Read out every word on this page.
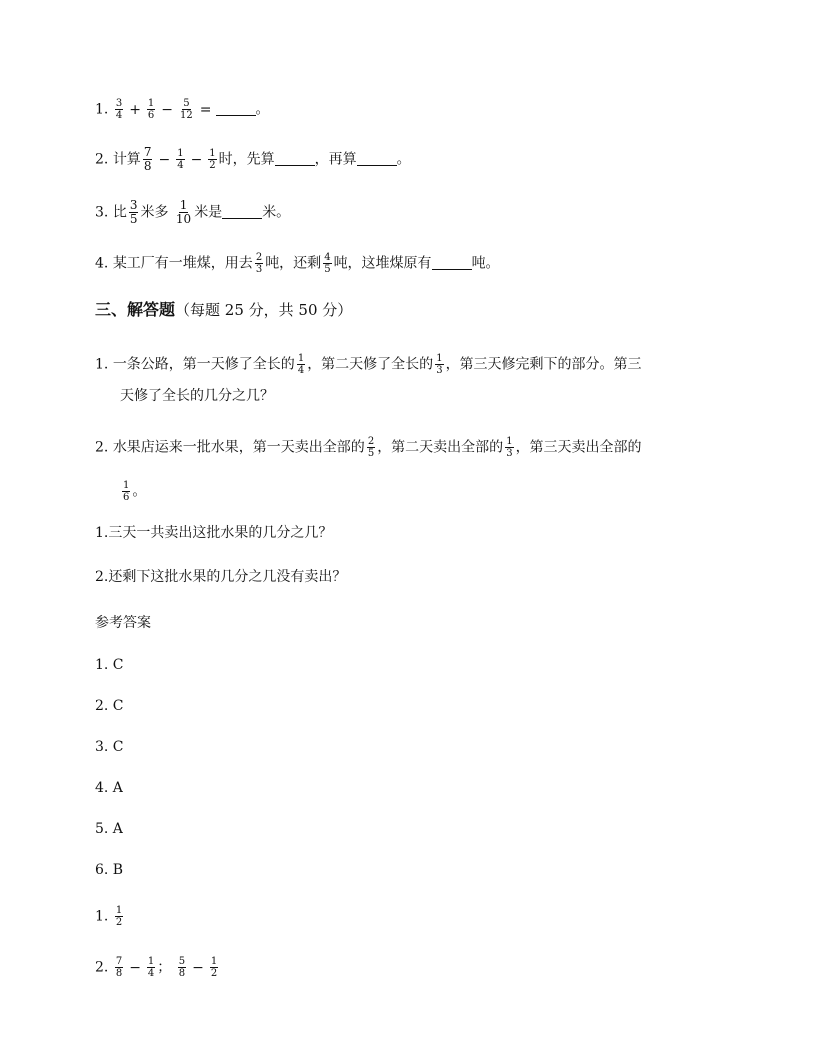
1. $\frac{3}{4} + \frac{1}{6} - \frac{5}{12}$ =	。
2. 计算 $\frac{7}{8} - \frac{1}{4} - \frac{1}{2}$ 时，先算	，再算	。
3. 比 $\frac{3}{5}$ 米多 $\frac{1}{10}$ 米是	米。
4. 某工厂有一堆煤，用去 $\frac{2}{3}$ 吨，还剩 $\frac{4}{5}$ 吨，这堆煤原有	吨。
三、解答题（每题 25 分，共 50 分）
1. 一条公路，第一天修了全长的 $\frac{1}{4}$ ，第二天修了全长的 $\frac{1}{3}$ ，第三天修完剩下的部分。第三
天修了全长的几分之几？
2. 水果店运来一批水果，第一天卖出全部的 $\frac{2}{5}$ ，第二天卖出全部的 $\frac{1}{3}$ ，第三天卖出全部的
$\frac{1}{6}$ 。
1.三天一共卖出这批水果的几分之几？
2.还剩下这批水果的几分之几没有卖出？
参考答案
1. C
2. C
3. C
4. A
5. A
6. B
1. $\frac{1}{2}$
2. $\frac{7}{8} - \frac{1}{4}$ ； $\frac{5}{8} - \frac{1}{2}$
